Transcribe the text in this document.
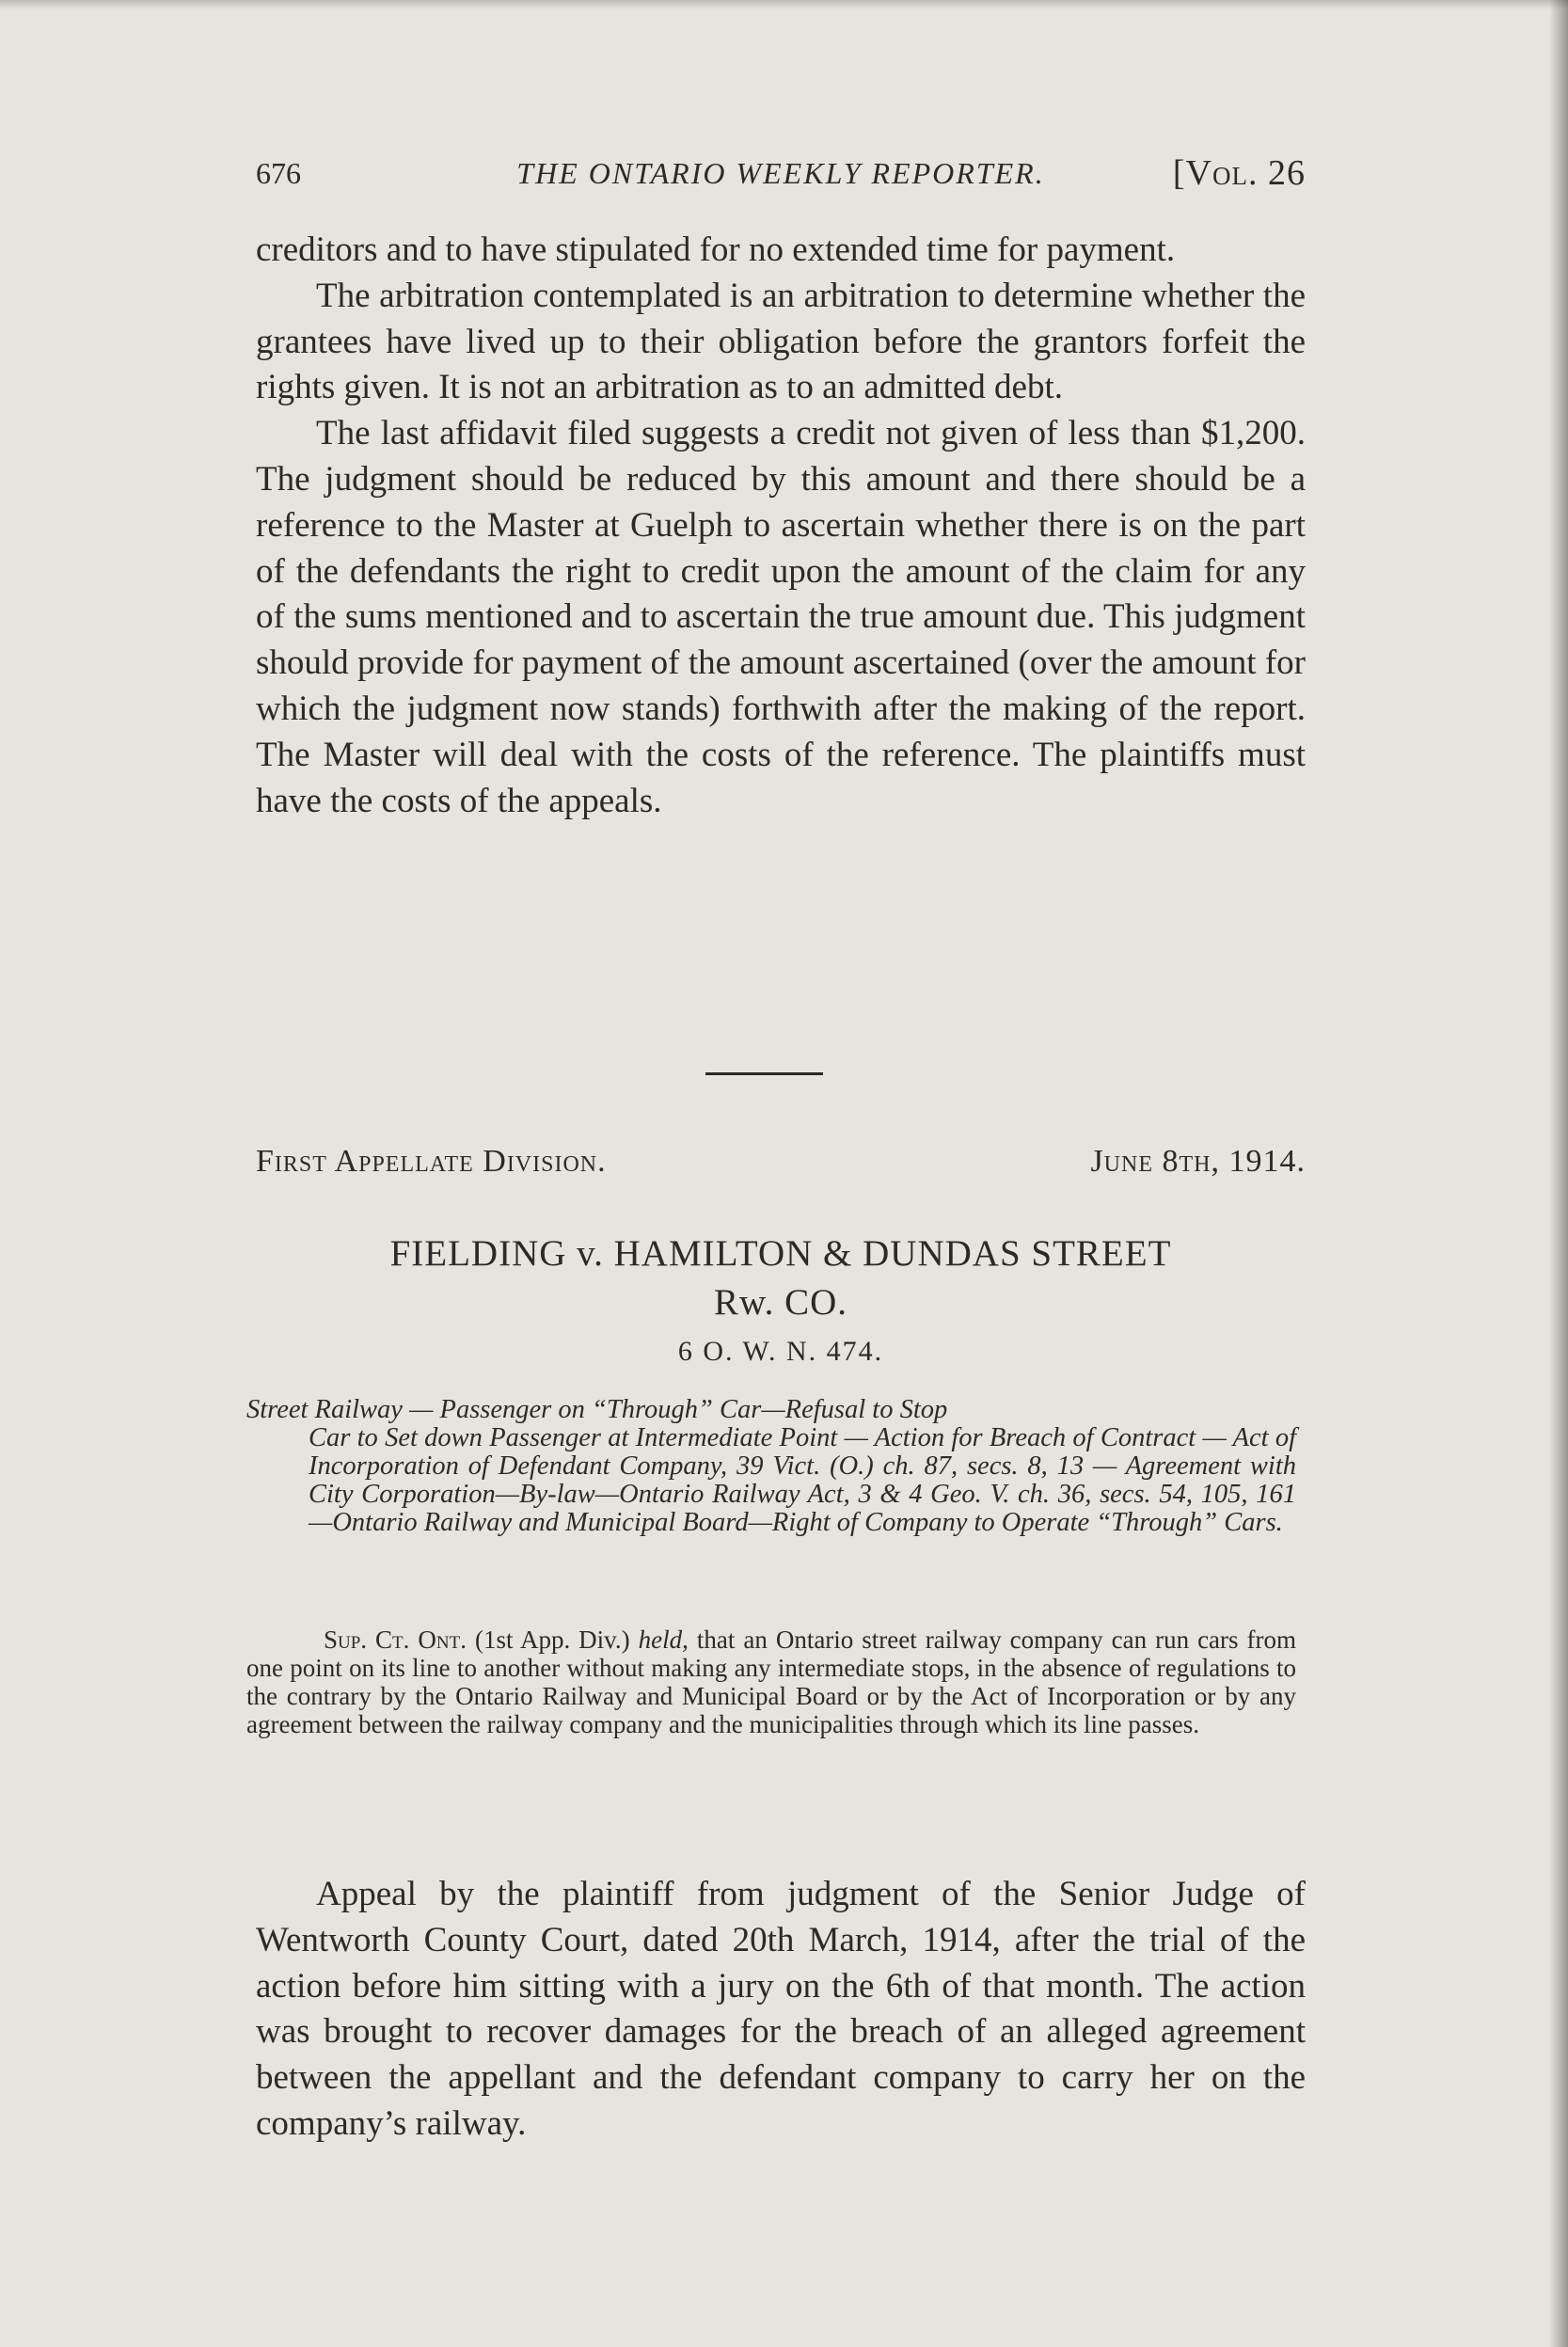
676	THE ONTARIO WEEKLY REPORTER.	[Vol. 26

creditors and to have stipulated for no extended time for payment.

The arbitration contemplated is an arbitration to determine whether the grantees have lived up to their obligation before the grantors forfeit the rights given. It is not an arbitration as to an admitted debt.

The last affidavit filed suggests a credit not given of less than $1,200. The judgment should be reduced by this amount and there should be a reference to the Master at Guelph to ascertain whether there is on the part of the defendants the right to credit upon the amount of the claim for any of the sums mentioned and to ascertain the true amount due. This judgment should provide for payment of the amount ascertained (over the amount for which the judgment now stands) forthwith after the making of the report. The Master will deal with the costs of the reference. The plaintiffs must have the costs of the appeals.

First Appellate Division.	June 8th, 1914.
FIELDING v. HAMILTON & DUNDAS STREET
Rw. CO.
6 O. W. N. 474.
Street Railway — Passenger on “Through” Car—Refusal to Stop
Car to Set down Passenger at Intermediate Point — Action for Breach of Contract — Act of Incorporation of Defendant Company, 39 Vict. (O.) ch. 87, secs. 8, 13 — Agreement with City Corporation—By-law—Ontario Railway Act, 3 & 4 Geo. V. ch. 36, secs. 54, 105, 161—Ontario Railway and Municipal Board—Right of Company to Operate “Through” Cars.

Sup. Ct. Ont. (1st App. Div.) held, that an Ontario street railway company can run cars from one point on its line to another without making any intermediate stops, in the absence of regulations to the contrary by the Ontario Railway and Municipal Board or by the Act of Incorporation or by any agreement between the railway company and the municipalities through which its line passes.

Appeal by the plaintiff from judgment of the Senior Judge of Wentworth County Court, dated 20th March, 1914, after the trial of the action before him sitting with a jury on the 6th of that month. The action was brought to recover damages for the breach of an alleged agreement between the appellant and the defendant company to carry her on the company’s railway.
